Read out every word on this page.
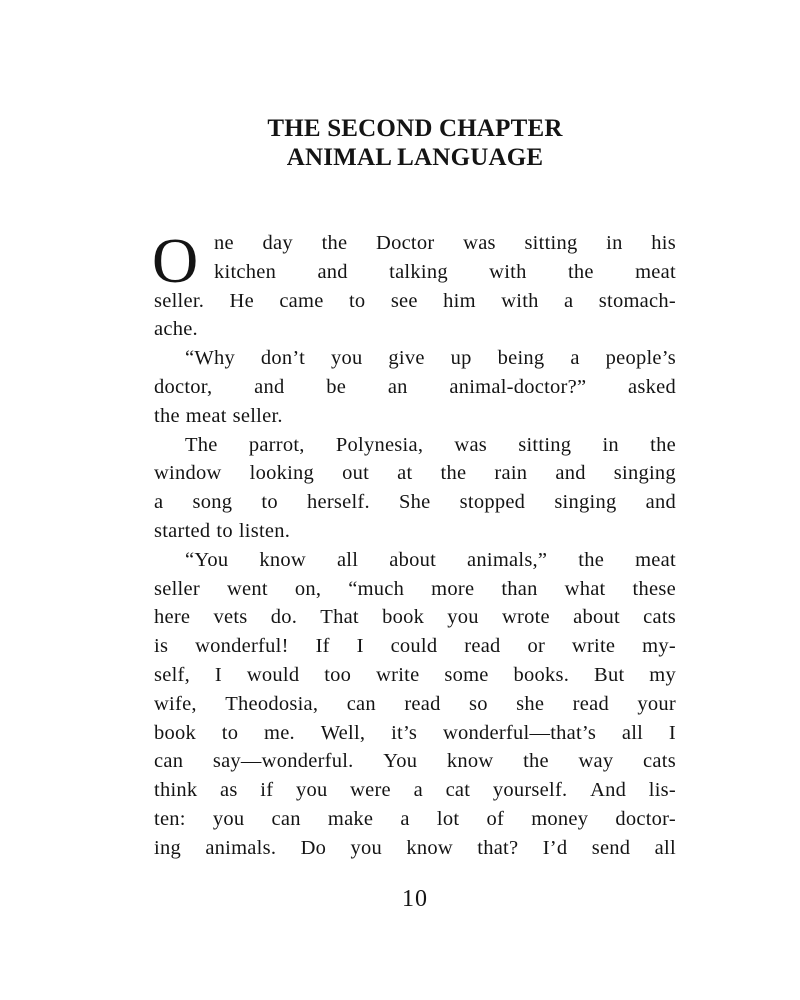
THE SECOND CHAPTER
ANIMAL LANGUAGE
O ne day the Doctor was sitting in his
kitchen and talking with the meat
seller. He came to see him with a stomach-
ache.
“Why don’t you give up being a people’s
doctor, and be an animal-doctor?” asked
the meat seller.
The parrot, Polynesia, was sitting in the
window looking out at the rain and singing
a song to herself. She stopped singing and
started to listen.
“You know all about animals,” the meat
seller went on, “much more than what these
here vets do. That book you wrote about cats
is wonderful! If I could read or write my-
self, I would too write some books. But my
wife, Theodosia, can read so she read your
book to me. Well, it’s wonderful—that’s all I
can say—wonderful. You know the way cats
think as if you were a cat yourself. And lis-
ten: you can make a lot of money doctor-
ing animals. Do you know that? I’d send all
10
